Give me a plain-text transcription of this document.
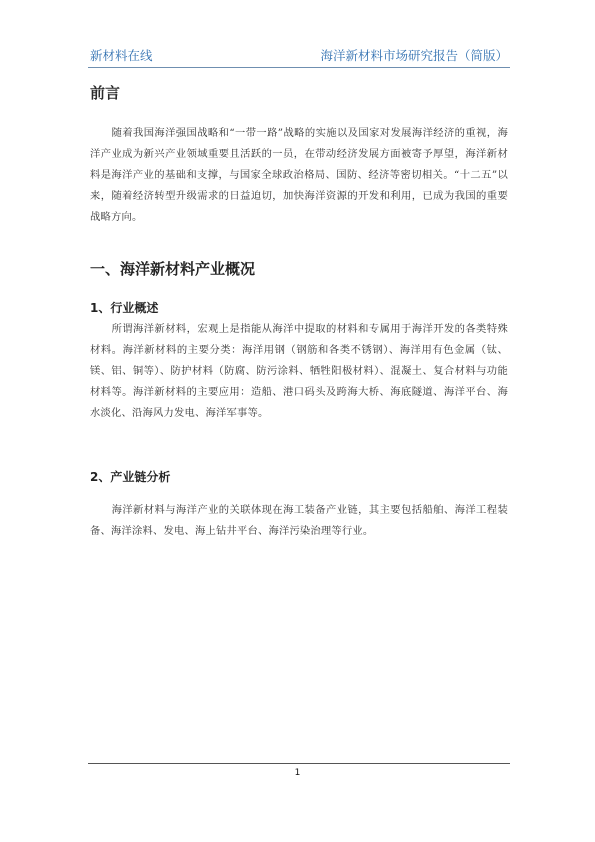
新材料在线	海洋新材料市场研究报告（简版）
前言

随着我国海洋强国战略和“一带一路”战略的实施以及国家对发展海洋经济的重视，海洋产业成为新兴产业领域重要且活跃的一员，在带动经济发展方面被寄予厚望，海洋新材料是海洋产业的基础和支撑，与国家全球政治格局、国防、经济等密切相关。“十二五”以来，随着经济转型升级需求的日益迫切，加快海洋资源的开发和利用，已成为我国的重要战略方向。

一、海洋新材料产业概况
1、行业概述

所谓海洋新材料，宏观上是指能从海洋中提取的材料和专属用于海洋开发的各类特殊材料。海洋新材料的主要分类：海洋用钢（钢筋和各类不锈钢）、海洋用有色金属（钛、镁、铝、铜等）、防护材料（防腐、防污涂料、牺牲阳极材料）、混凝土、复合材料与功能材料等。海洋新材料的主要应用：造船、港口码头及跨海大桥、海底隧道、海洋平台、海水淡化、沿海风力发电、海洋军事等。

2、产业链分析

海洋新材料与海洋产业的关联体现在海工装备产业链，其主要包括船舶、海洋工程装备、海洋涂料、发电、海上钻井平台、海洋污染治理等行业。

1
